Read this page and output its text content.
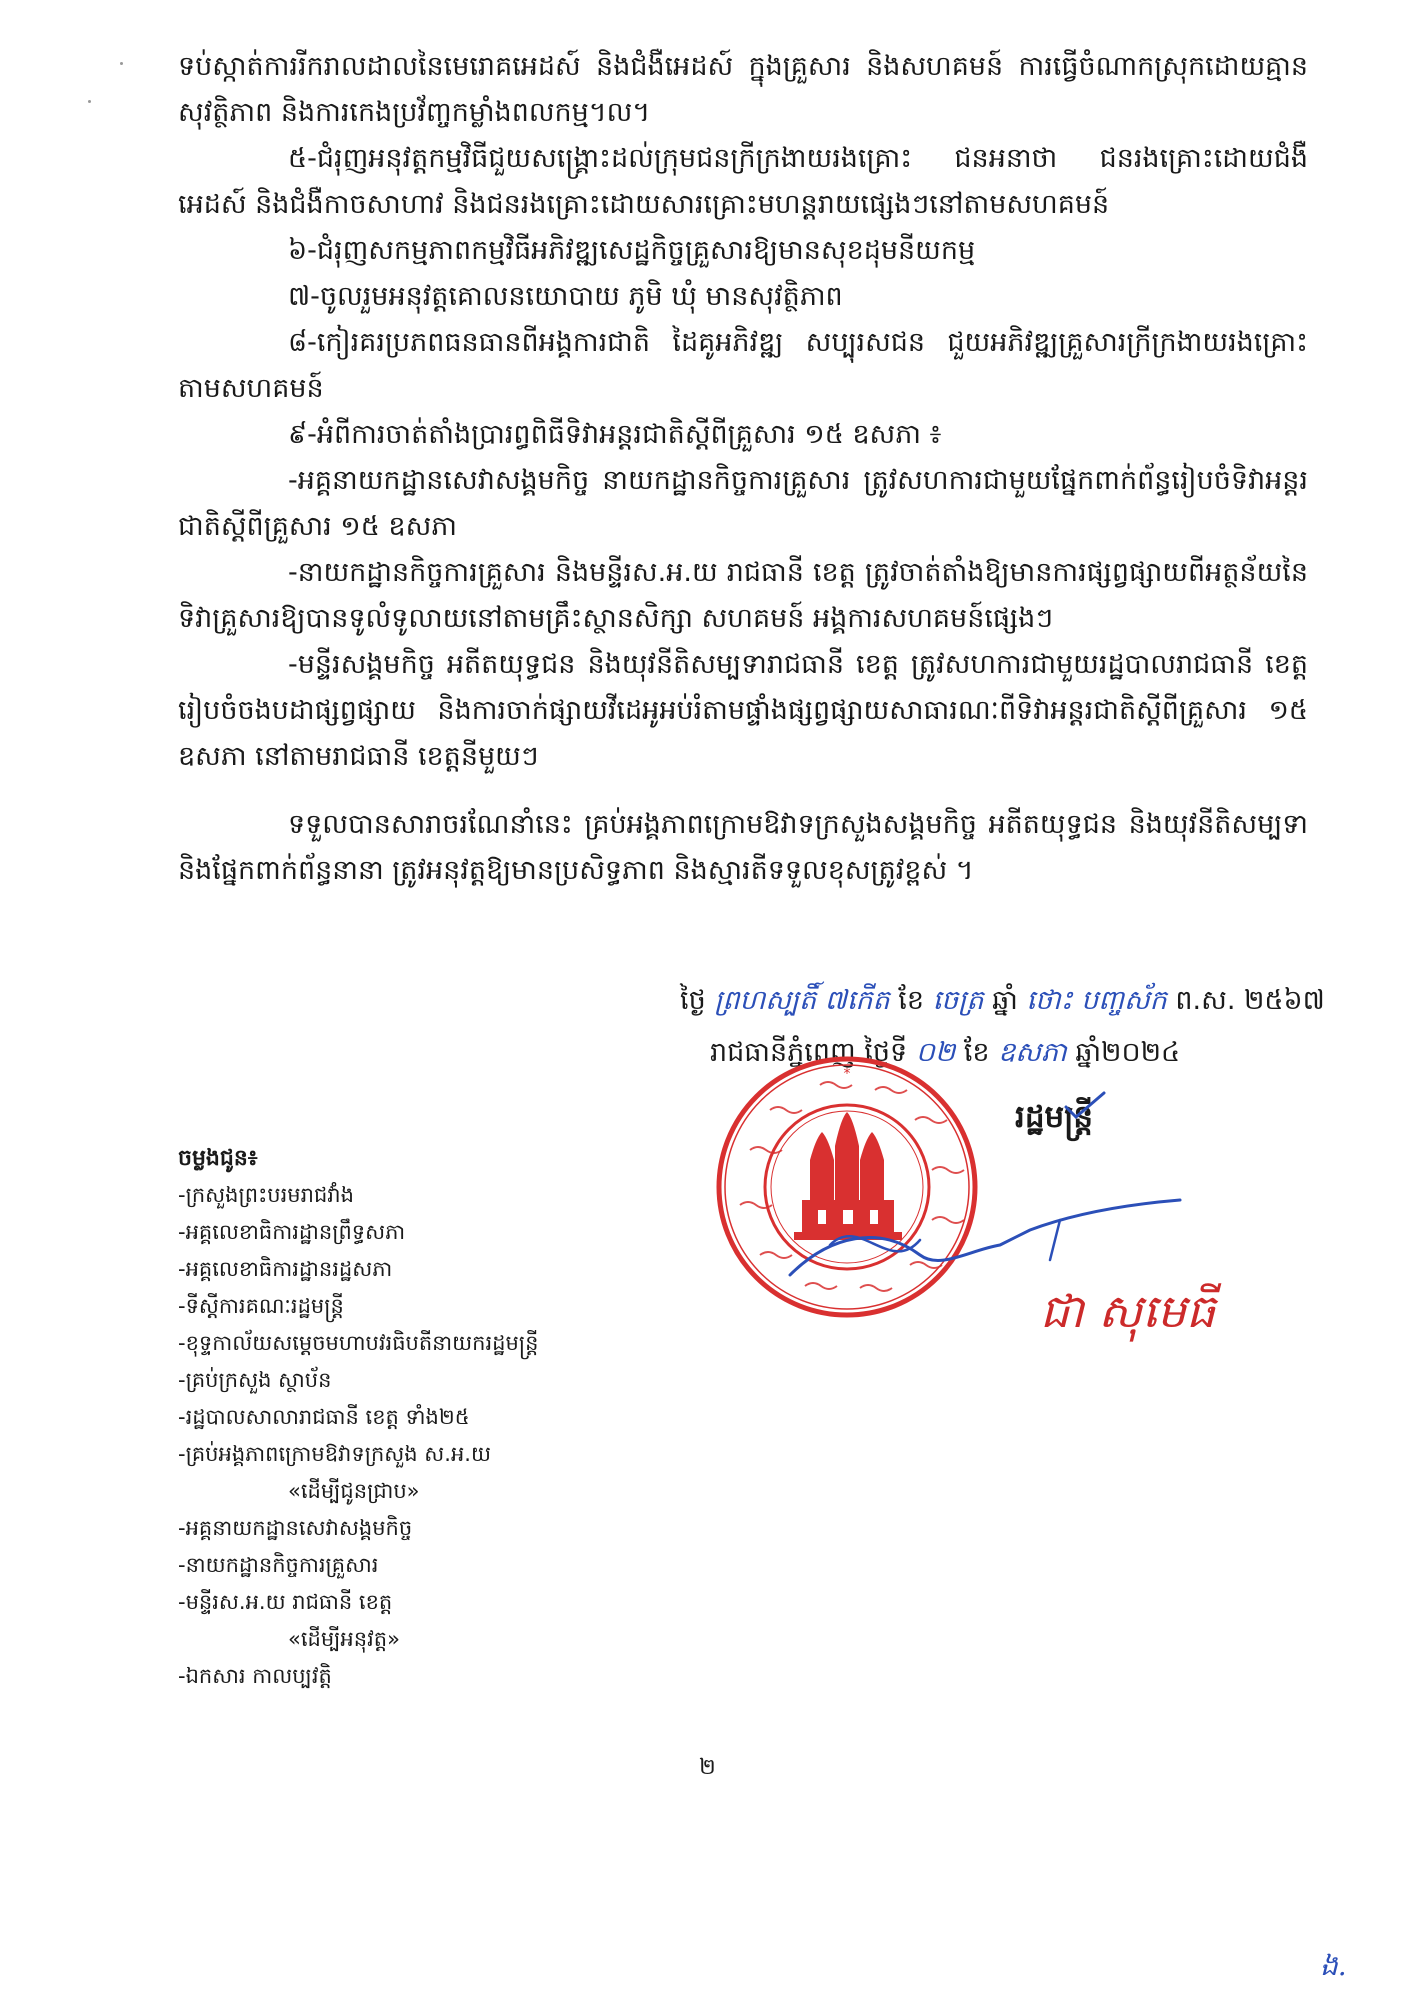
ទប់ស្កាត់ការរីករាលដាលនៃមេរោគអេដស៍ និងជំងឺអេដស៍ ក្នុងគ្រួសារ និងសហគមន៍ ការធ្វើចំណាកស្រុកដោយគ្មានសុវត្ថិភាព និងការកេងប្រវ័ញ្ចកម្លាំងពលកម្ម។ល។

៥-ជំរុញអនុវត្តកម្មវិធីជួយសង្គ្រោះដល់ក្រុមជនក្រីក្រងាយរងគ្រោះ ជនអនាថា ជនរងគ្រោះដោយជំងឺអេដស៍ និងជំងឺកាចសាហាវ និងជនរងគ្រោះដោយសារគ្រោះមហន្តរាយផ្សេងៗនៅតាមសហគមន៍

៦-ជំរុញសកម្មភាពកម្មវិធីអភិវឌ្ឍសេដ្ឋកិច្ចគ្រួសារឱ្យមានសុខដុមនីយកម្ម

៧-ចូលរួមអនុវត្តគោលនយោបាយ ភូមិ ឃុំ មានសុវត្ថិភាព

៨-កៀរគរប្រភពធនធានពីអង្គការជាតិ ដៃគូអភិវឌ្ឍ សប្បុរសជន ជួយអភិវឌ្ឍគ្រួសារក្រីក្រងាយរងគ្រោះតាមសហគមន៍

៩-អំពីការចាត់តាំងប្រារព្ធពិធីទិវាអន្តរជាតិស្តីពីគ្រួសារ ១៥ ឧសភា ៖

-អគ្គនាយកដ្ឋានសេវាសង្គមកិច្ច នាយកដ្ឋានកិច្ចការគ្រួសារ ត្រូវសហការជាមួយផ្នែកពាក់ព័ន្ធរៀបចំទិវាអន្តរជាតិស្តីពីគ្រួសារ ១៥ ឧសភា

-នាយកដ្ឋានកិច្ចការគ្រួសារ និងមន្ទីរស.អ.យ រាជធានី ខេត្ត ត្រូវចាត់តាំងឱ្យមានការផ្សព្វផ្សាយពីអត្ថន័យនៃទិវាគ្រួសារឱ្យបានទូលំទូលាយនៅតាមគ្រឹះស្ថានសិក្សា សហគមន៍ អង្គការសហគមន៍ផ្សេងៗ

-មន្ទីរសង្គមកិច្ច អតីតយុទ្ធជន និងយុវនីតិសម្បទារាជធានី ខេត្ត ត្រូវសហការជាមួយរដ្ឋបាលរាជធានី ខេត្ត រៀបចំចងបដាផ្សព្វផ្សាយ និងការចាក់ផ្សាយវីដេអូអប់រំតាមផ្ទាំងផ្សព្វផ្សាយសាធារណៈពីទិវាអន្តរជាតិស្តីពីគ្រួសារ ១៥ ឧសភា នៅតាមរាជធានី ខេត្តនីមួយៗ

ទទួលបានសារាចរណែនាំនេះ គ្រប់អង្គភាពក្រោមឱវាទក្រសួងសង្គមកិច្ច អតីតយុទ្ធជន និងយុវនីតិសម្បទា និងផ្នែកពាក់ព័ន្ធនានា ត្រូវអនុវត្តឱ្យមានប្រសិទ្ធភាព និងស្មារតីទទួលខុសត្រូវខ្ពស់ ។

ថ្ងៃ ព្រហស្បតិ៍ ៧កើត ខែ ចេត្រ ឆ្នាំ ថោះ បញ្ចស័ក ព.ស. ២៥៦៧
រាជធានីភ្នំពេញ ថ្ងៃទី ០២ ខែ ឧសភា ឆ្នាំ២០២៤
*
រដ្ឋមន្ត្រី
ជា សុមេធី
ចម្លងជូន៖
-ក្រសួងព្រះបរមរាជវាំង
-អគ្គលេខាធិការដ្ឋានព្រឹទ្ធសភា
-អគ្គលេខាធិការដ្ឋានរដ្ឋសភា
-ទីស្តីការគណៈរដ្ឋមន្ត្រី
-ខុទ្ទកាល័យសម្តេចមហាបវរធិបតីនាយករដ្ឋមន្ត្រី
-គ្រប់ក្រសួង ស្ថាប័ន
-រដ្ឋបាលសាលារាជធានី ខេត្ត ទាំង២៥
-គ្រប់អង្គភាពក្រោមឱវាទក្រសួង ស.អ.យ
«ដើម្បីជូនជ្រាប»
-អគ្គនាយកដ្ឋានសេវាសង្គមកិច្ច
-នាយកដ្ឋានកិច្ចការគ្រួសារ
-មន្ទីរស.អ.យ រាជធានី ខេត្ត
«ដើម្បីអនុវត្ត»
-ឯកសារ កាលប្បវត្តិ
២
ង.
